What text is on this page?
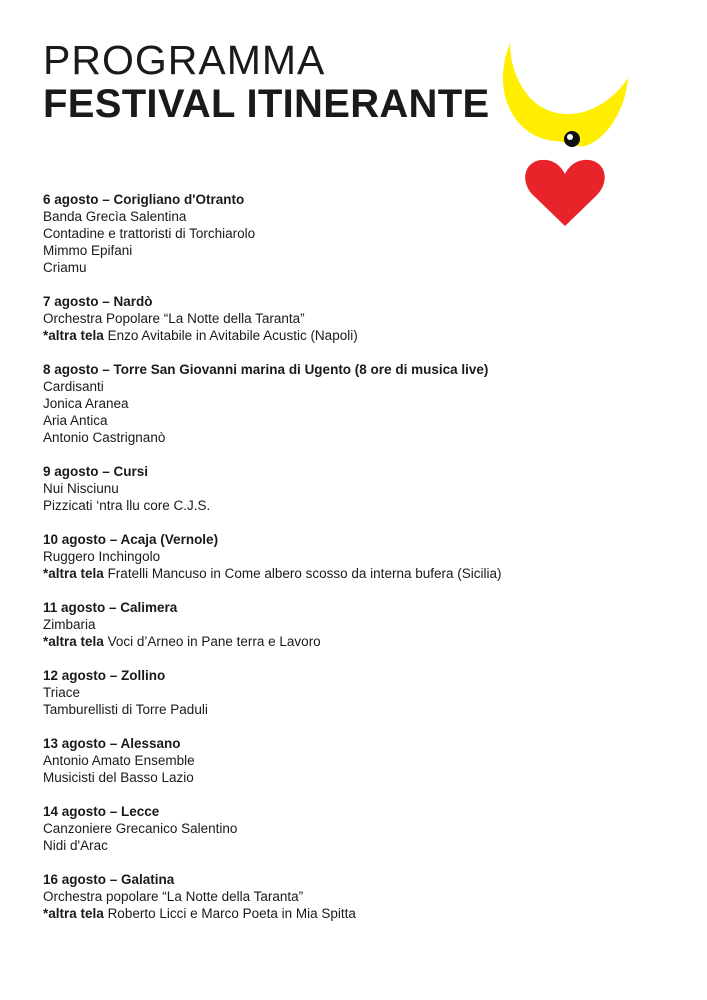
PROGRAMMA
FESTIVAL ITINERANTE
6 agosto – Corigliano d'Otranto
Banda Grecìa Salentina
Contadine e trattoristi di Torchiarolo
Mimmo Epifani
Criamu
7 agosto – Nardò
Orchestra Popolare “La Notte della Taranta”
*altra tela Enzo Avitabile in Avitabile Acustic (Napoli)
8 agosto – Torre San Giovanni marina di Ugento (8 ore di musica live)
Cardisanti
Jonica Aranea
Aria Antica
Antonio Castrignanò
9 agosto – Cursi
Nui Nisciunu
Pizzicati ‘ntra llu core C.J.S.
10 agosto – Acaja (Vernole)
Ruggero Inchingolo
*altra tela Fratelli Mancuso in Come albero scosso da interna bufera (Sicilia)
11 agosto – Calimera
Zimbaria
*altra tela Voci d’Arneo in Pane terra e Lavoro
12 agosto – Zollino
Triace
Tamburellisti di Torre Paduli
13 agosto – Alessano
Antonio Amato Ensemble
Musicisti del Basso Lazio
14 agosto – Lecce
Canzoniere Grecanico Salentino
Nidi d'Arac
16 agosto – Galatina
Orchestra popolare “La Notte della Taranta”
*altra tela Roberto Licci e Marco Poeta in Mia Spitta
